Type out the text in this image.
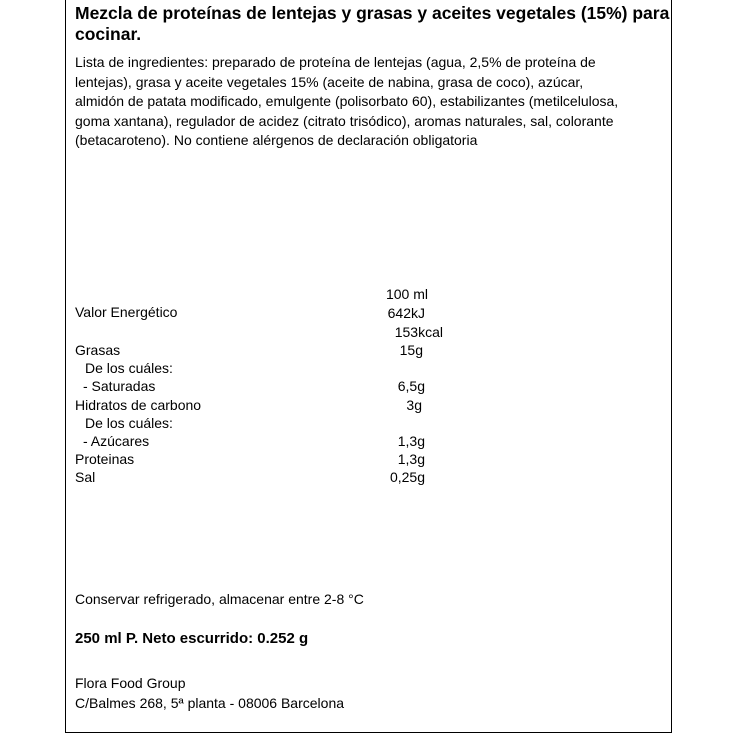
Mezcla de proteínas de lentejas y grasas y aceites vegetales (15%) para cocinar.
Lista de ingredientes: preparado de proteína de lentejas (agua, 2,5% de proteína de lentejas), grasa y aceite vegetales 15% (aceite de nabina, grasa de coco), azúcar, almidón de patata modificado, emulgente (polisorbato 60), estabilizantes (metilcelulosa, goma xantana), regulador de acidez (citrato trisódico), aromas naturales, sal, colorante (betacaroteno). No contiene alérgenos de declaración obligatoria
100 ml
Valor Energético	642kJ
153kcal
Grasas	15g
De los cuáles:
- Saturadas	6,5g
Hidratos de carbono	3g
De los cuáles:
- Azúcares	1,3g
Proteinas	1,3g
Sal	0,25g
Conservar refrigerado, almacenar entre 2-8 °C
250 ml P. Neto escurrido: 0.252 g
Flora Food Group
C/Balmes 268, 5ª planta - 08006 Barcelona
